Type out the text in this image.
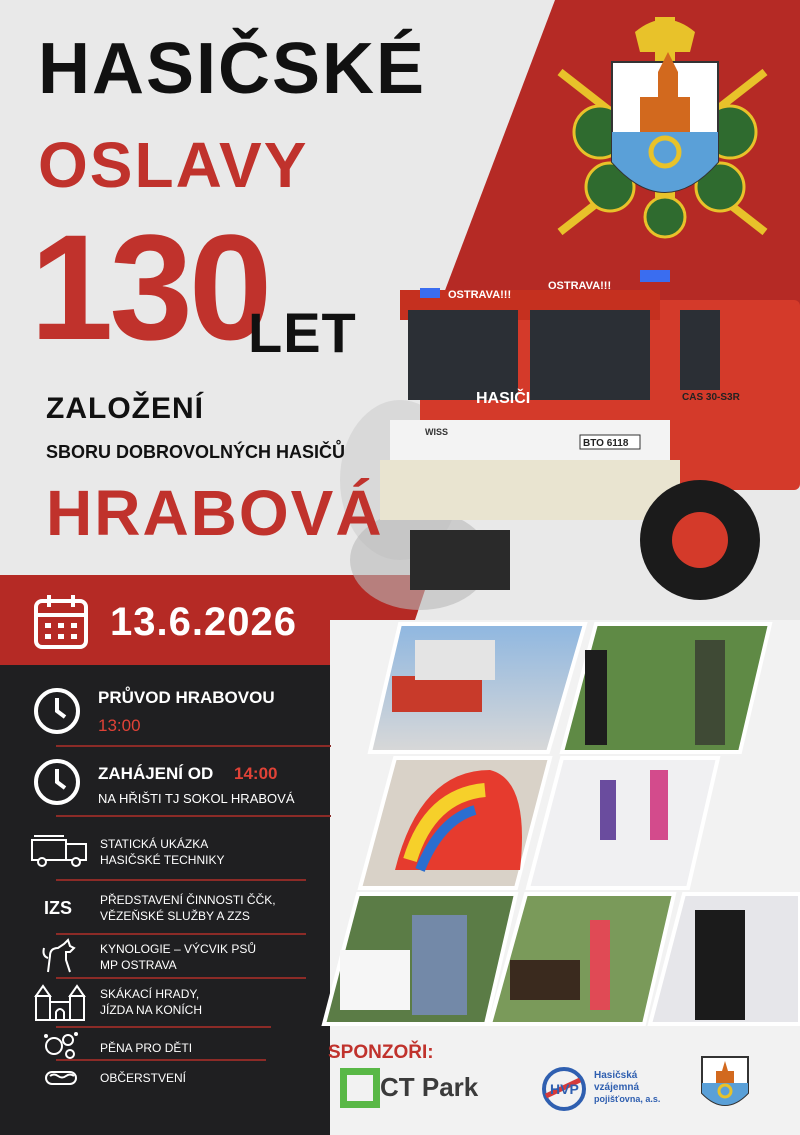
OSTRAVA!!!
OSTRAVA!!!
HASIČI
WISS
BTO 6118
CAS 30-S3R
HASIČSKÉ
OSLAVY
130
LET
ZALOŽENÍ
SBORU DOBROVOLNÝCH HASIČŮ
HRABOVÁ
13.6.2026
PRŮVOD HRABOVOU
13:00
ZAHÁJENÍ OD 14:00
NA HŘIŠTI TJ SOKOL HRABOVÁ
STATICKÁ UKÁZKA
HASIČSKÉ TECHNIKY
IZS PŘEDSTAVENÍ ČINNOSTI ČČK,
VĚZEŇSKÉ SLUŽBY A ZZS
KYNOLOGIE – VÝCVIK PSŮ
MP OSTRAVA
SKÁKACÍ HRADY,
JÍZDA NA KONÍCH
PĚNA PRO DĚTI
OBČERSTVENÍ
SPONZOŘI:
CT Park	HVP
Hasičská
vzájemná
pojišťovna, a.s.
